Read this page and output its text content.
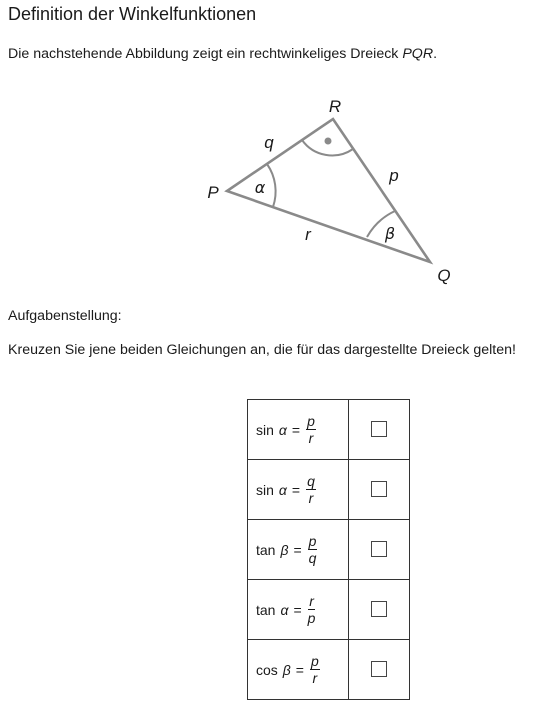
Definition der Winkelfunktionen
Die nachstehende Abbildung zeigt ein rechtwinkeliges Dreieck PQR.
R
P
Q
q
p
r
α
β
Aufgabenstellung:
Kreuzen Sie jene beiden Gleichungen an, die für das dargestellte Dreieck gelten!
$\sin \alpha = \frac{p}{r}$

$\sin \alpha = \frac{q}{r}$

$\tan \beta = \frac{p}{q}$

$\tan \alpha = \frac{r}{p}$

$\cos \beta = \frac{p}{r}$
